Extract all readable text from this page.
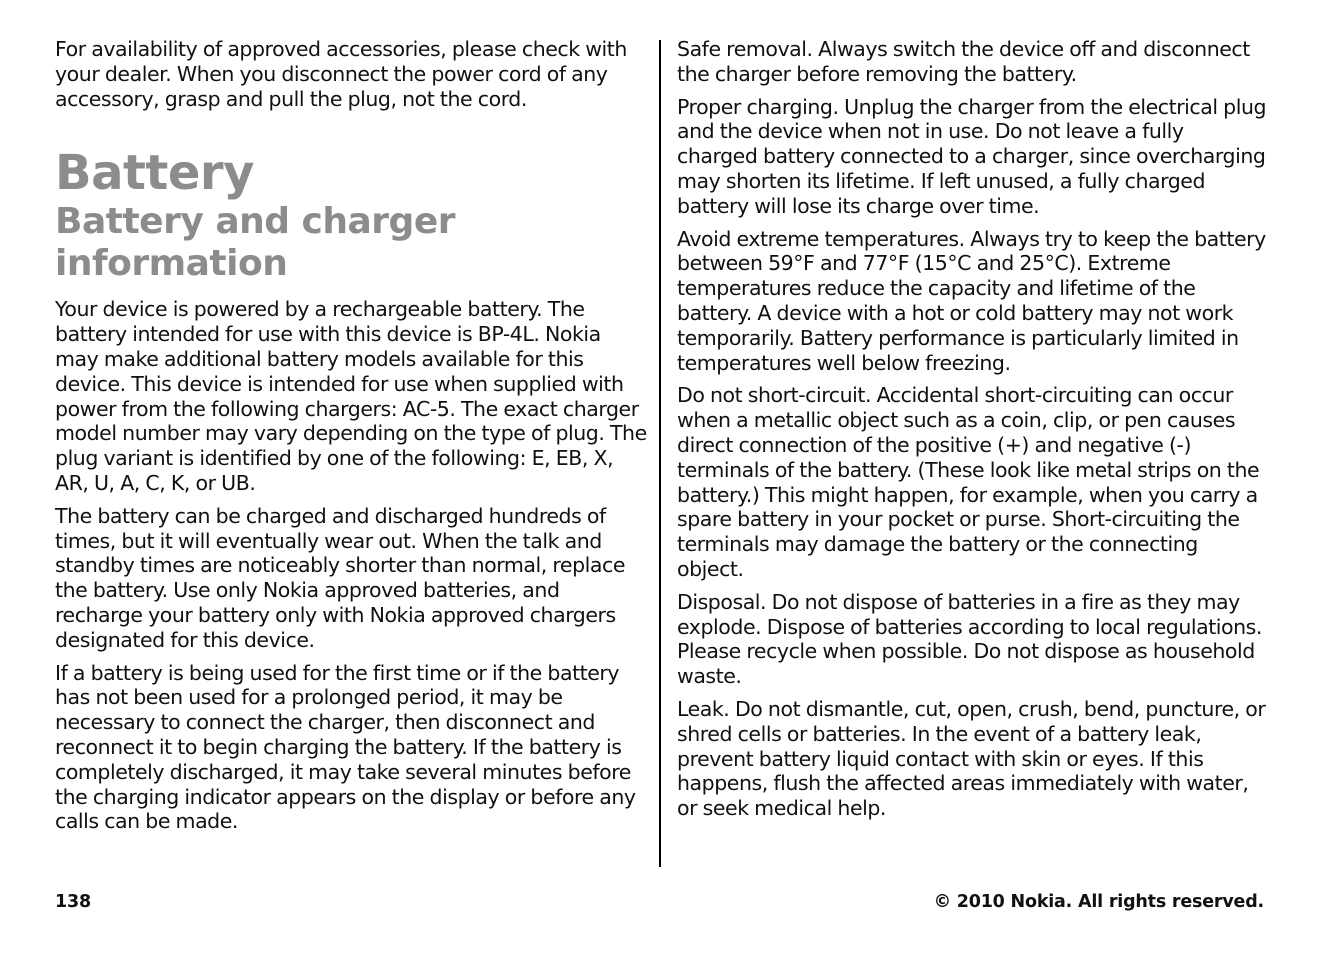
For availability of approved accessories, please check with your dealer. When you disconnect the power cord of any accessory, grasp and pull the plug, not the cord.

Battery
Battery and charger information

Your device is powered by a rechargeable battery. The battery intended for use with this device is BP-4L. Nokia may make additional battery models available for this device. This device is intended for use when supplied with power from the following chargers: AC-5. The exact charger model number may vary depending on the type of plug. The plug variant is identified by one of the following: E, EB, X, AR, U, A, C, K, or UB.

The battery can be charged and discharged hundreds of times, but it will eventually wear out. When the talk and standby times are noticeably shorter than normal, replace the battery. Use only Nokia approved batteries, and recharge your battery only with Nokia approved chargers designated for this device.

If a battery is being used for the first time or if the battery has not been used for a prolonged period, it may be necessary to connect the charger, then disconnect and reconnect it to begin charging the battery. If the battery is completely discharged, it may take several minutes before the charging indicator appears on the display or before any calls can be made.

Safe removal. Always switch the device off and disconnect the charger before removing the battery.

Proper charging. Unplug the charger from the electrical plug and the device when not in use. Do not leave a fully charged battery connected to a charger, since overcharging may shorten its lifetime. If left unused, a fully charged battery will lose its charge over time.

Avoid extreme temperatures. Always try to keep the battery between 59°F and 77°F (15°C and 25°C). Extreme temperatures reduce the capacity and lifetime of the battery. A device with a hot or cold battery may not work temporarily. Battery performance is particularly limited in temperatures well below freezing.

Do not short-circuit. Accidental short-circuiting can occur when a metallic object such as a coin, clip, or pen causes direct connection of the positive (+) and negative (-) terminals of the battery. (These look like metal strips on the battery.) This might happen, for example, when you carry a spare battery in your pocket or purse. Short-circuiting the terminals may damage the battery or the connecting object.

Disposal. Do not dispose of batteries in a fire as they may explode. Dispose of batteries according to local regulations. Please recycle when possible. Do not dispose as household waste.

Leak. Do not dismantle, cut, open, crush, bend, puncture, or shred cells or batteries. In the event of a battery leak, prevent battery liquid contact with skin or eyes. If this happens, flush the affected areas immediately with water, or seek medical help.

138	© 2010 Nokia. All rights reserved.
